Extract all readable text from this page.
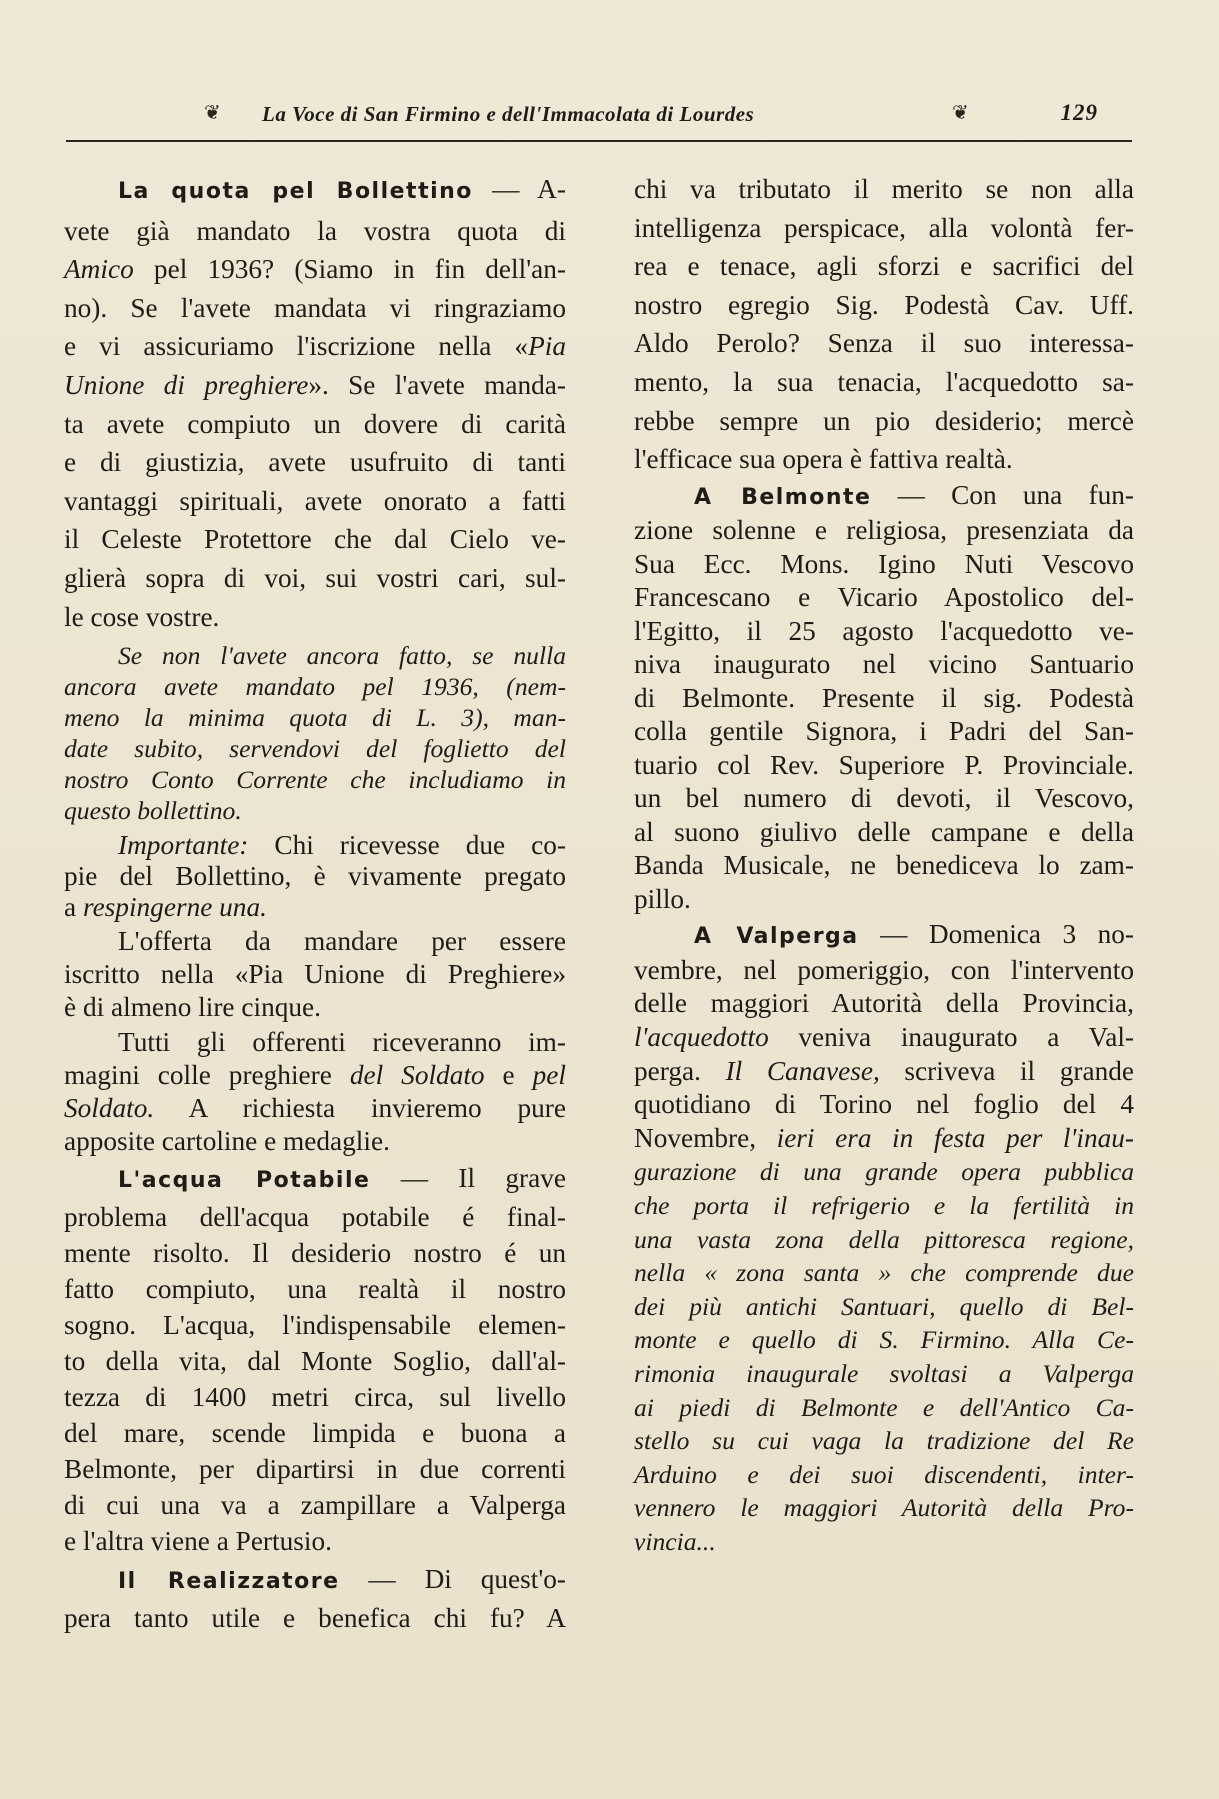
❦ La Voce di San Firmino e dell'Immacolata di Lourdes	❦	129
La quota pel Bollettino — A-
vete già mandato la vostra quota di
Amico pel 1936? (Siamo in fin dell'an-
no). Se l'avete mandata vi ringraziamo
e vi assicuriamo l'iscrizione nella «Pia
Unione di preghiere». Se l'avete manda-
ta avete compiuto un dovere di carità
e di giustizia, avete usufruito di tanti
vantaggi spirituali, avete onorato a fatti
il Celeste Protettore che dal Cielo ve-
glierà sopra di voi, sui vostri cari, sul-
le cose vostre.
Se non l'avete ancora fatto, se nulla
ancora avete mandato pel 1936, (nem-
meno la minima quota di L. 3), man-
date subito, servendovi del foglietto del
nostro Conto Corrente che includiamo in
questo bollettino.
Importante: Chi ricevesse due co-
pie del Bollettino, è vivamente pregato
a respingerne una.
L'offerta da mandare per essere
iscritto nella «Pia Unione di Preghiere»
è di almeno lire cinque.
Tutti gli offerenti riceveranno im-
magini colle preghiere del Soldato e pel
Soldato. A richiesta invieremo pure
apposite cartoline e medaglie.
L'acqua Potabile — Il grave
problema dell'acqua potabile é final-
mente risolto. Il desiderio nostro é un
fatto compiuto, una realtà il nostro
sogno. L'acqua, l'indispensabile elemen-
to della vita, dal Monte Soglio, dall'al-
tezza di 1400 metri circa, sul livello
del mare, scende limpida e buona a
Belmonte, per dipartirsi in due correnti
di cui una va a zampillare a Valperga
e l'altra viene a Pertusio.
Il Realizzatore — Di quest'o-
pera tanto utile e benefica chi fu? A
chi va tributato il merito se non alla
intelligenza perspicace, alla volontà fer-
rea e tenace, agli sforzi e sacrifici del
nostro egregio Sig. Podestà Cav. Uff.
Aldo Perolo? Senza il suo interessa-
mento, la sua tenacia, l'acquedotto sa-
rebbe sempre un pio desiderio; mercè
l'efficace sua opera è fattiva realtà.
A Belmonte — Con una fun-
zione solenne e religiosa, presenziata da
Sua Ecc. Mons. Igino Nuti Vescovo
Francescano e Vicario Apostolico del-
l'Egitto, il 25 agosto l'acquedotto ve-
niva inaugurato nel vicino Santuario
di Belmonte. Presente il sig. Podestà
colla gentile Signora, i Padri del San-
tuario col Rev. Superiore P. Provinciale.
un bel numero di devoti, il Vescovo,
al suono giulivo delle campane e della
Banda Musicale, ne benediceva lo zam-
pillo.
A Valperga — Domenica 3 no-
vembre, nel pomeriggio, con l'intervento
delle maggiori Autorità della Provincia,
l'acquedotto veniva inaugurato a Val-
perga. Il Canavese, scriveva il grande
quotidiano di Torino nel foglio del 4
Novembre, ieri era in festa per l'inau-
gurazione di una grande opera pubblica
che porta il refrigerio e la fertilità in
una vasta zona della pittoresca regione,
nella « zona santa » che comprende due
dei più antichi Santuari, quello di Bel-
monte e quello di S. Firmino. Alla Ce-
rimonia inaugurale svoltasi a Valperga
ai piedi di Belmonte e dell'Antico Ca-
stello su cui vaga la tradizione del Re
Arduino e dei suoi discendenti, inter-
vennero le maggiori Autorità della Pro-
vincia...
